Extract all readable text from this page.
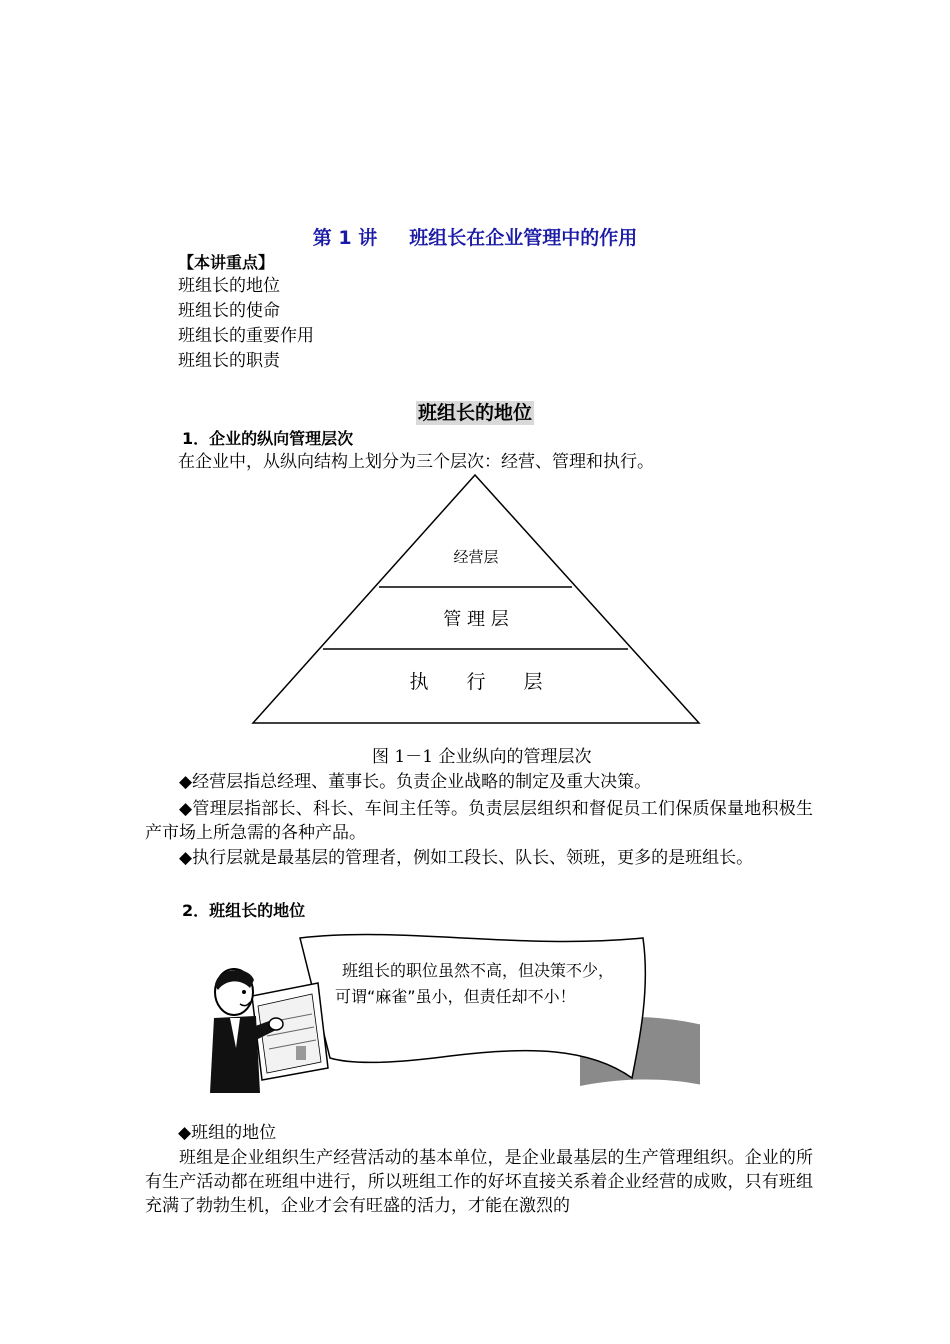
第 1 讲 班组长在企业管理中的作用
【本讲重点】
班组长的地位
班组长的使命
班组长的重要作用
班组长的职责
班组长的地位
1．企业的纵向管理层次
在企业中，从纵向结构上划分为三个层次：经营、管理和执行。
经营层
管 理 层
执　　行　　层
图 1－1 企业纵向的管理层次
◆经营层指总经理、董事长。负责企业战略的制定及重大决策。
◆管理层指部长、科长、车间主任等。负责层层组织和督促员工们保质保量地积极生产市场上所急需的各种产品。
◆执行层就是最基层的管理者，例如工段长、队长、领班，更多的是班组长。
2．班组长的地位
班组长的职位虽然不高，但决策不少，
可谓“麻雀”虽小，但责任却不小！
◆班组的地位
班组是企业组织生产经营活动的基本单位，是企业最基层的生产管理组织。企业的所有生产活动都在班组中进行，所以班组工作的好坏直接关系着企业经营的成败，只有班组充满了勃勃生机，企业才会有旺盛的活力，才能在激烈的
